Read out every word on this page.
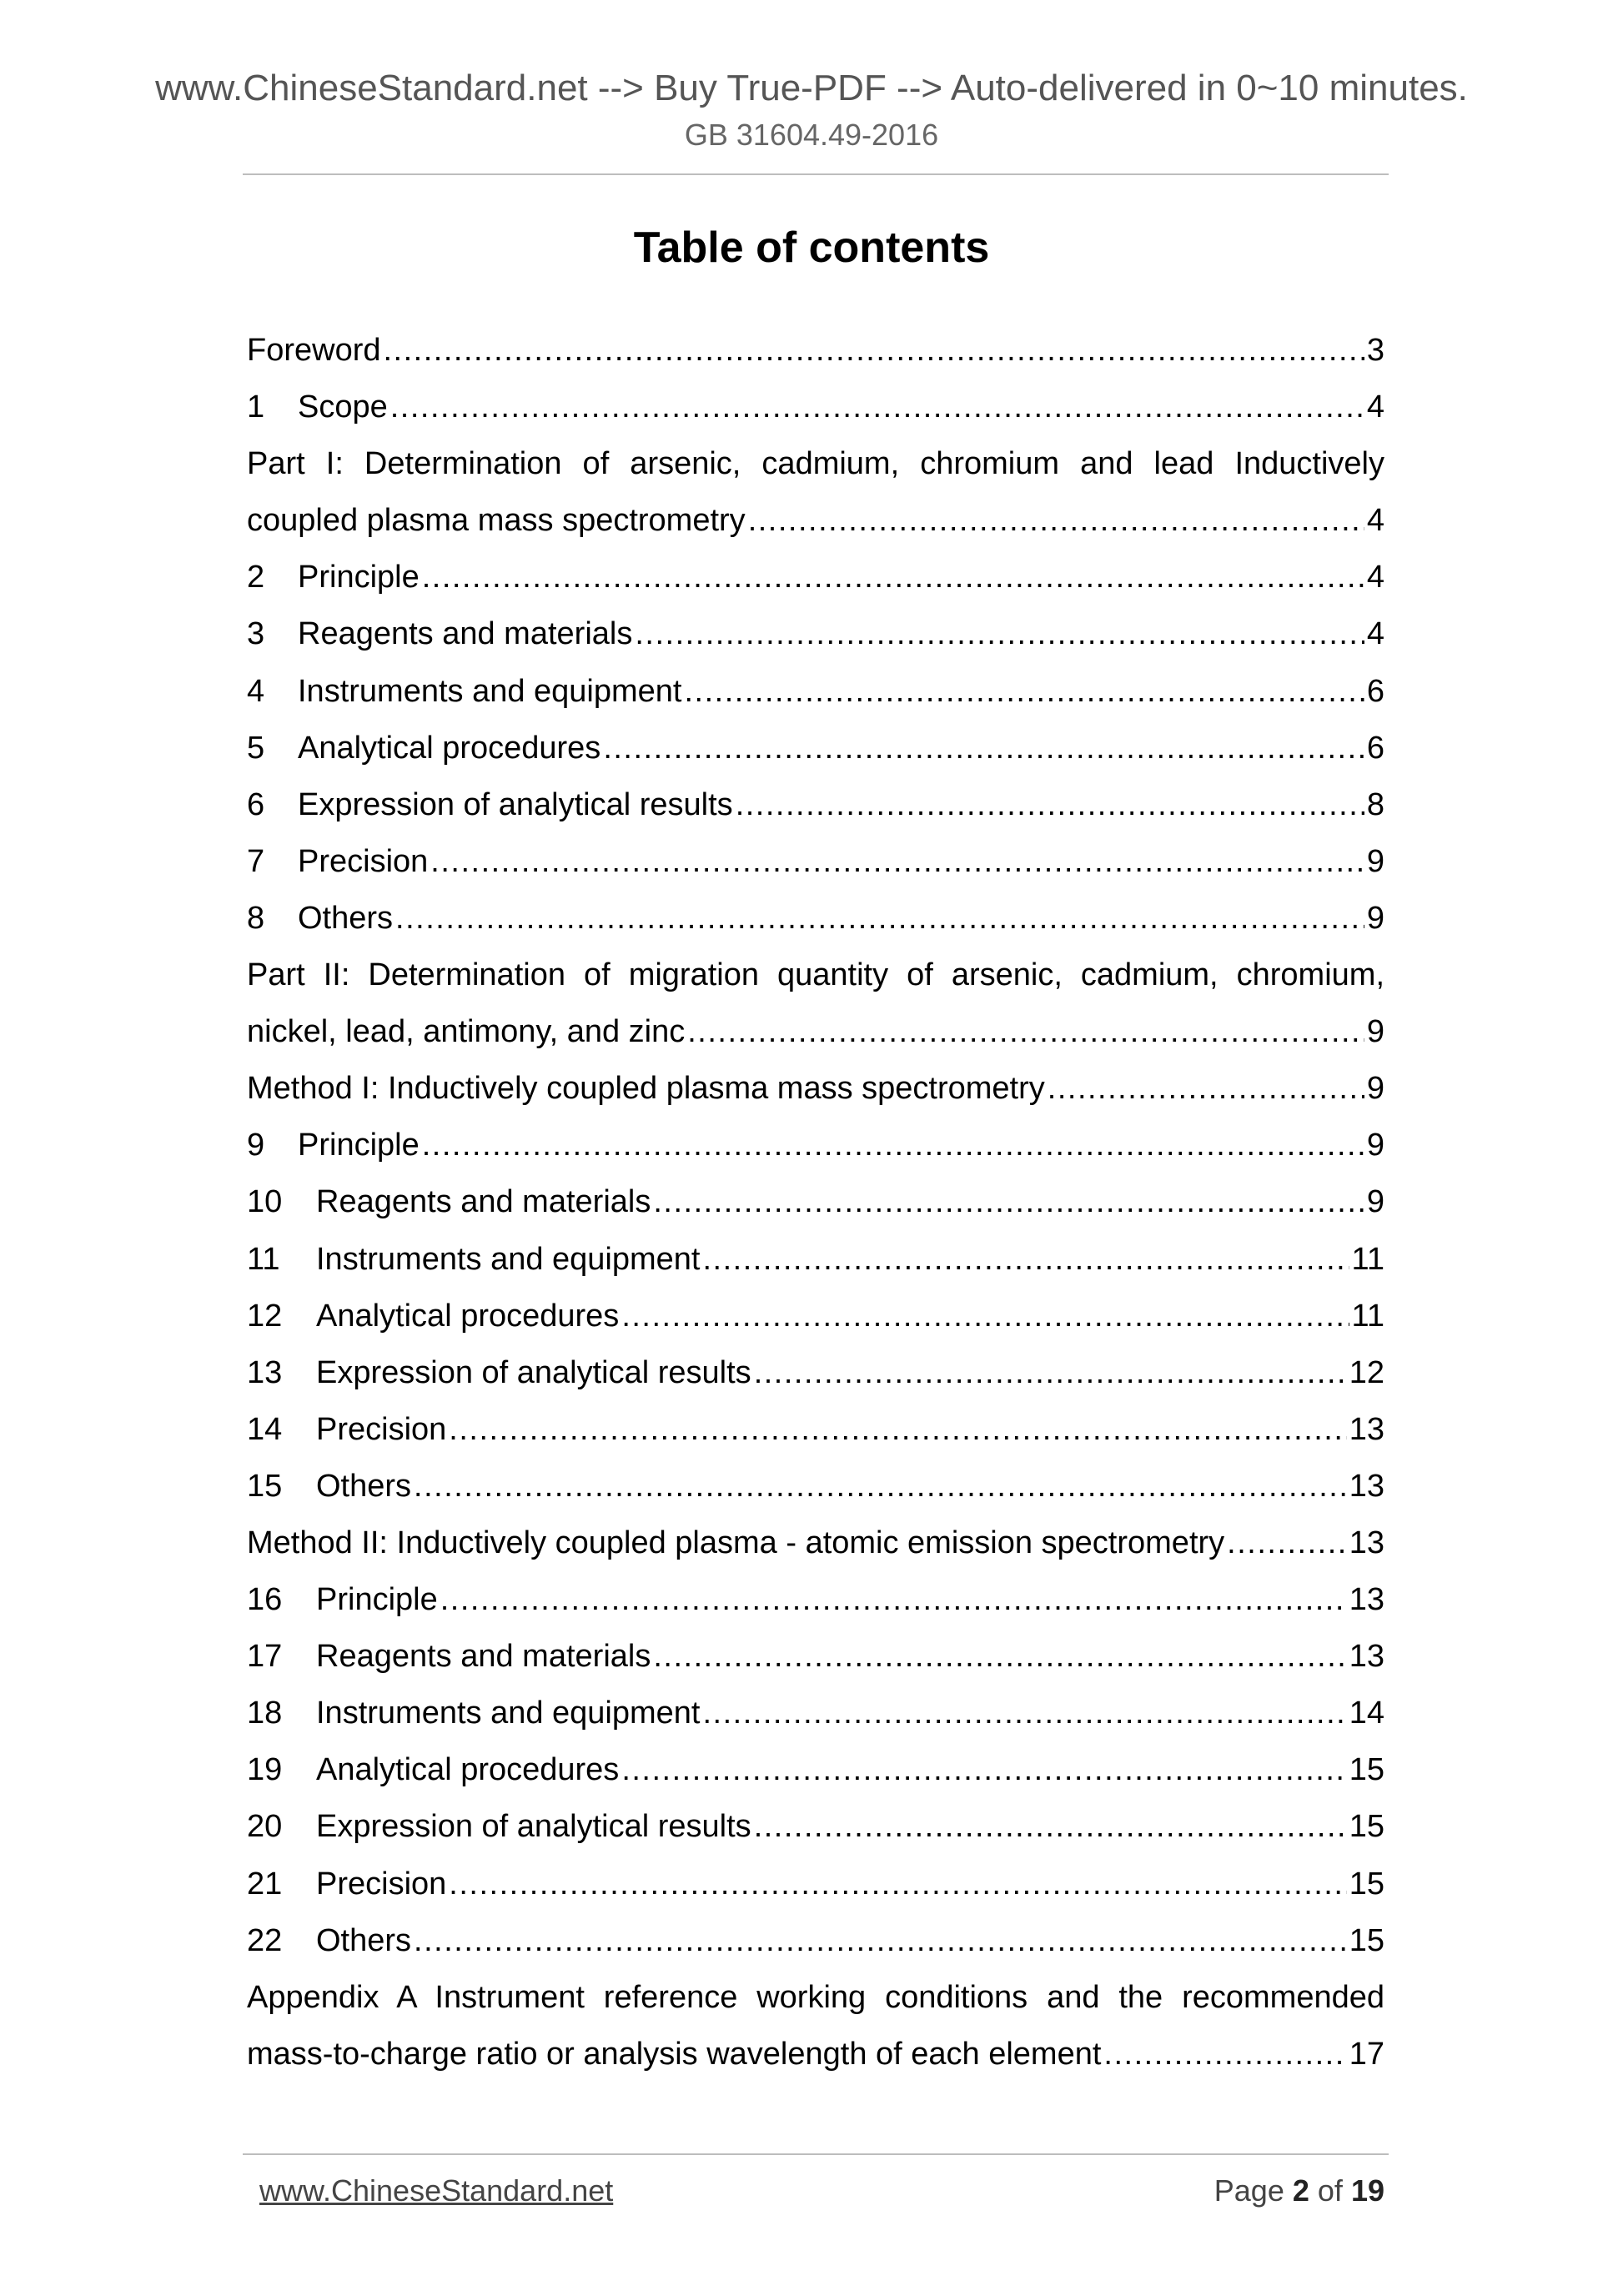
www.ChineseStandard.net --> Buy True-PDF --> Auto-delivered in 0~10 minutes.
GB 31604.49-2016
Table of contents
Foreword .....	3
1	Scope .....	4
Part I: Determination of arsenic, cadmium, chromium and lead Inductively
coupled plasma mass spectrometry .....	4
2	Principle .....	4
3	Reagents and materials .....	4
4	Instruments and equipment .....	6
5	Analytical procedures .....	6
6	Expression of analytical results .....	8
7	Precision .....	9
8	Others .....	9
Part II: Determination of migration quantity of arsenic, cadmium, chromium,
nickel, lead, antimony, and zinc .....	9
Method I: Inductively coupled plasma mass spectrometry .....	9
9	Principle .....	9
10	Reagents and materials .....	9
11	Instruments and equipment .....	11
12	Analytical procedures .....	11
13	Expression of analytical results .....	12
14	Precision .....	13
15	Others .....	13
Method II: Inductively coupled plasma - atomic emission spectrometry .....	13
16	Principle .....	13
17	Reagents and materials .....	13
18	Instruments and equipment .....	14
19	Analytical procedures .....	15
20	Expression of analytical results .....	15
21	Precision .....	15
22	Others .....	15
Appendix A Instrument reference working conditions and the recommended
mass-to-charge ratio or analysis wavelength of each element .....	17
www.ChineseStandard.net	Page 2 of 19
